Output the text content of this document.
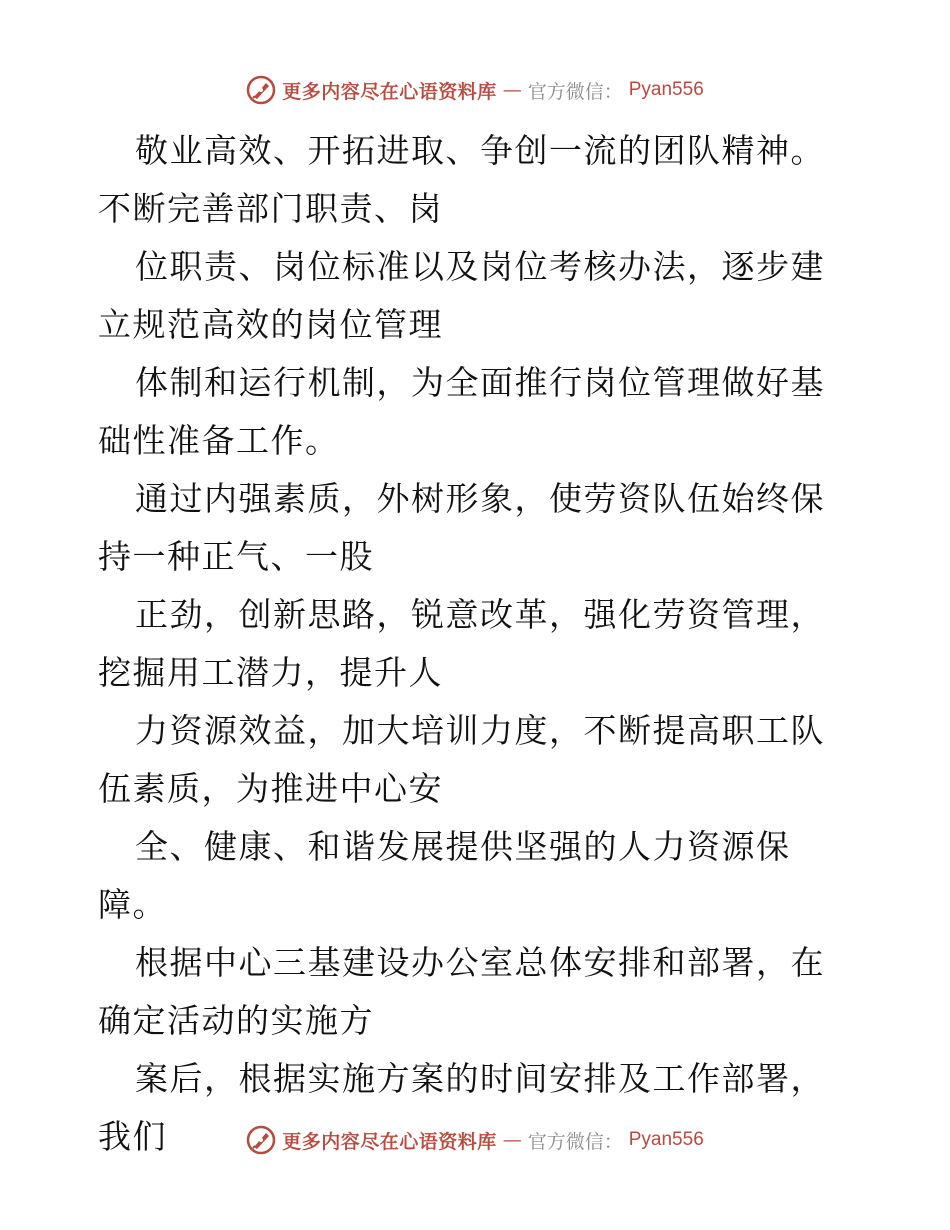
更多内容尽在心语资料库 — 官方微信： Pyan556

敬业高效、开拓进取、争创一流的团队精神。不断完善部门职责、岗

位职责、岗位标准以及岗位考核办法，逐步建立规范高效的岗位管理

体制和运行机制，为全面推行岗位管理做好基础性准备工作。

通过内强素质，外树形象，使劳资队伍始终保持一种正气、一股

正劲，创新思路，锐意改革，强化劳资管理，挖掘用工潜力，提升人

力资源效益，加大培训力度，不断提高职工队伍素质，为推进中心安

全、健康、和谐发展提供坚强的人力资源保障。

根据中心三基建设办公室总体安排和部署，在确定活动的实施方

案后，根据实施方案的时间安排及工作部署，我们	更多内容尽在心语资料库 — 官方微信： Pyan556
